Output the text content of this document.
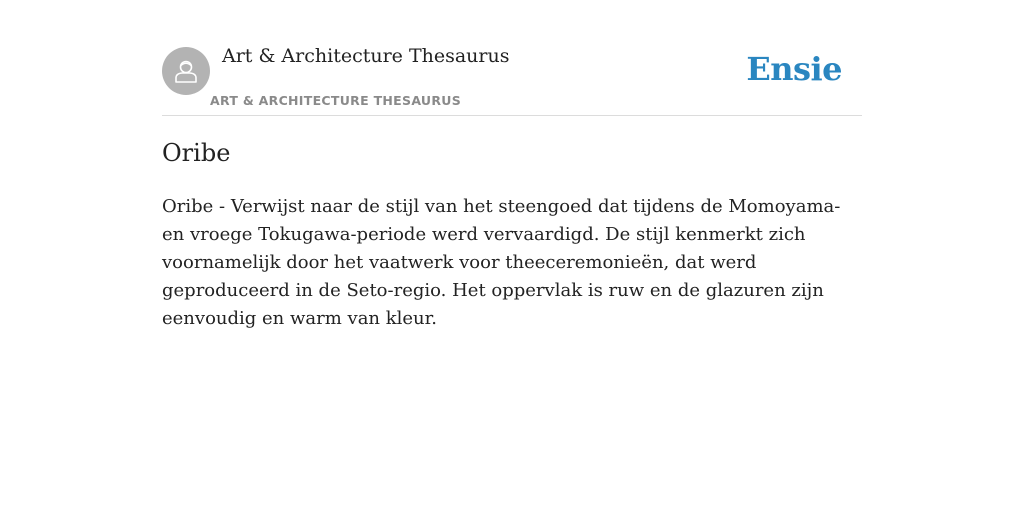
Art & Architecture Thesaurus
ART & ARCHITECTURE THESAURUS
Ensie
Oribe

Oribe - Verwijst naar de stijl van het steengoed dat tijdens de Momoyama- en vroege Tokugawa-periode werd vervaardigd. De stijl kenmerkt zich voornamelijk door het vaatwerk voor theeceremonieën, dat werd geproduceerd in de Seto-regio. Het oppervlak is ruw en de glazuren zijn eenvoudig en warm van kleur.
